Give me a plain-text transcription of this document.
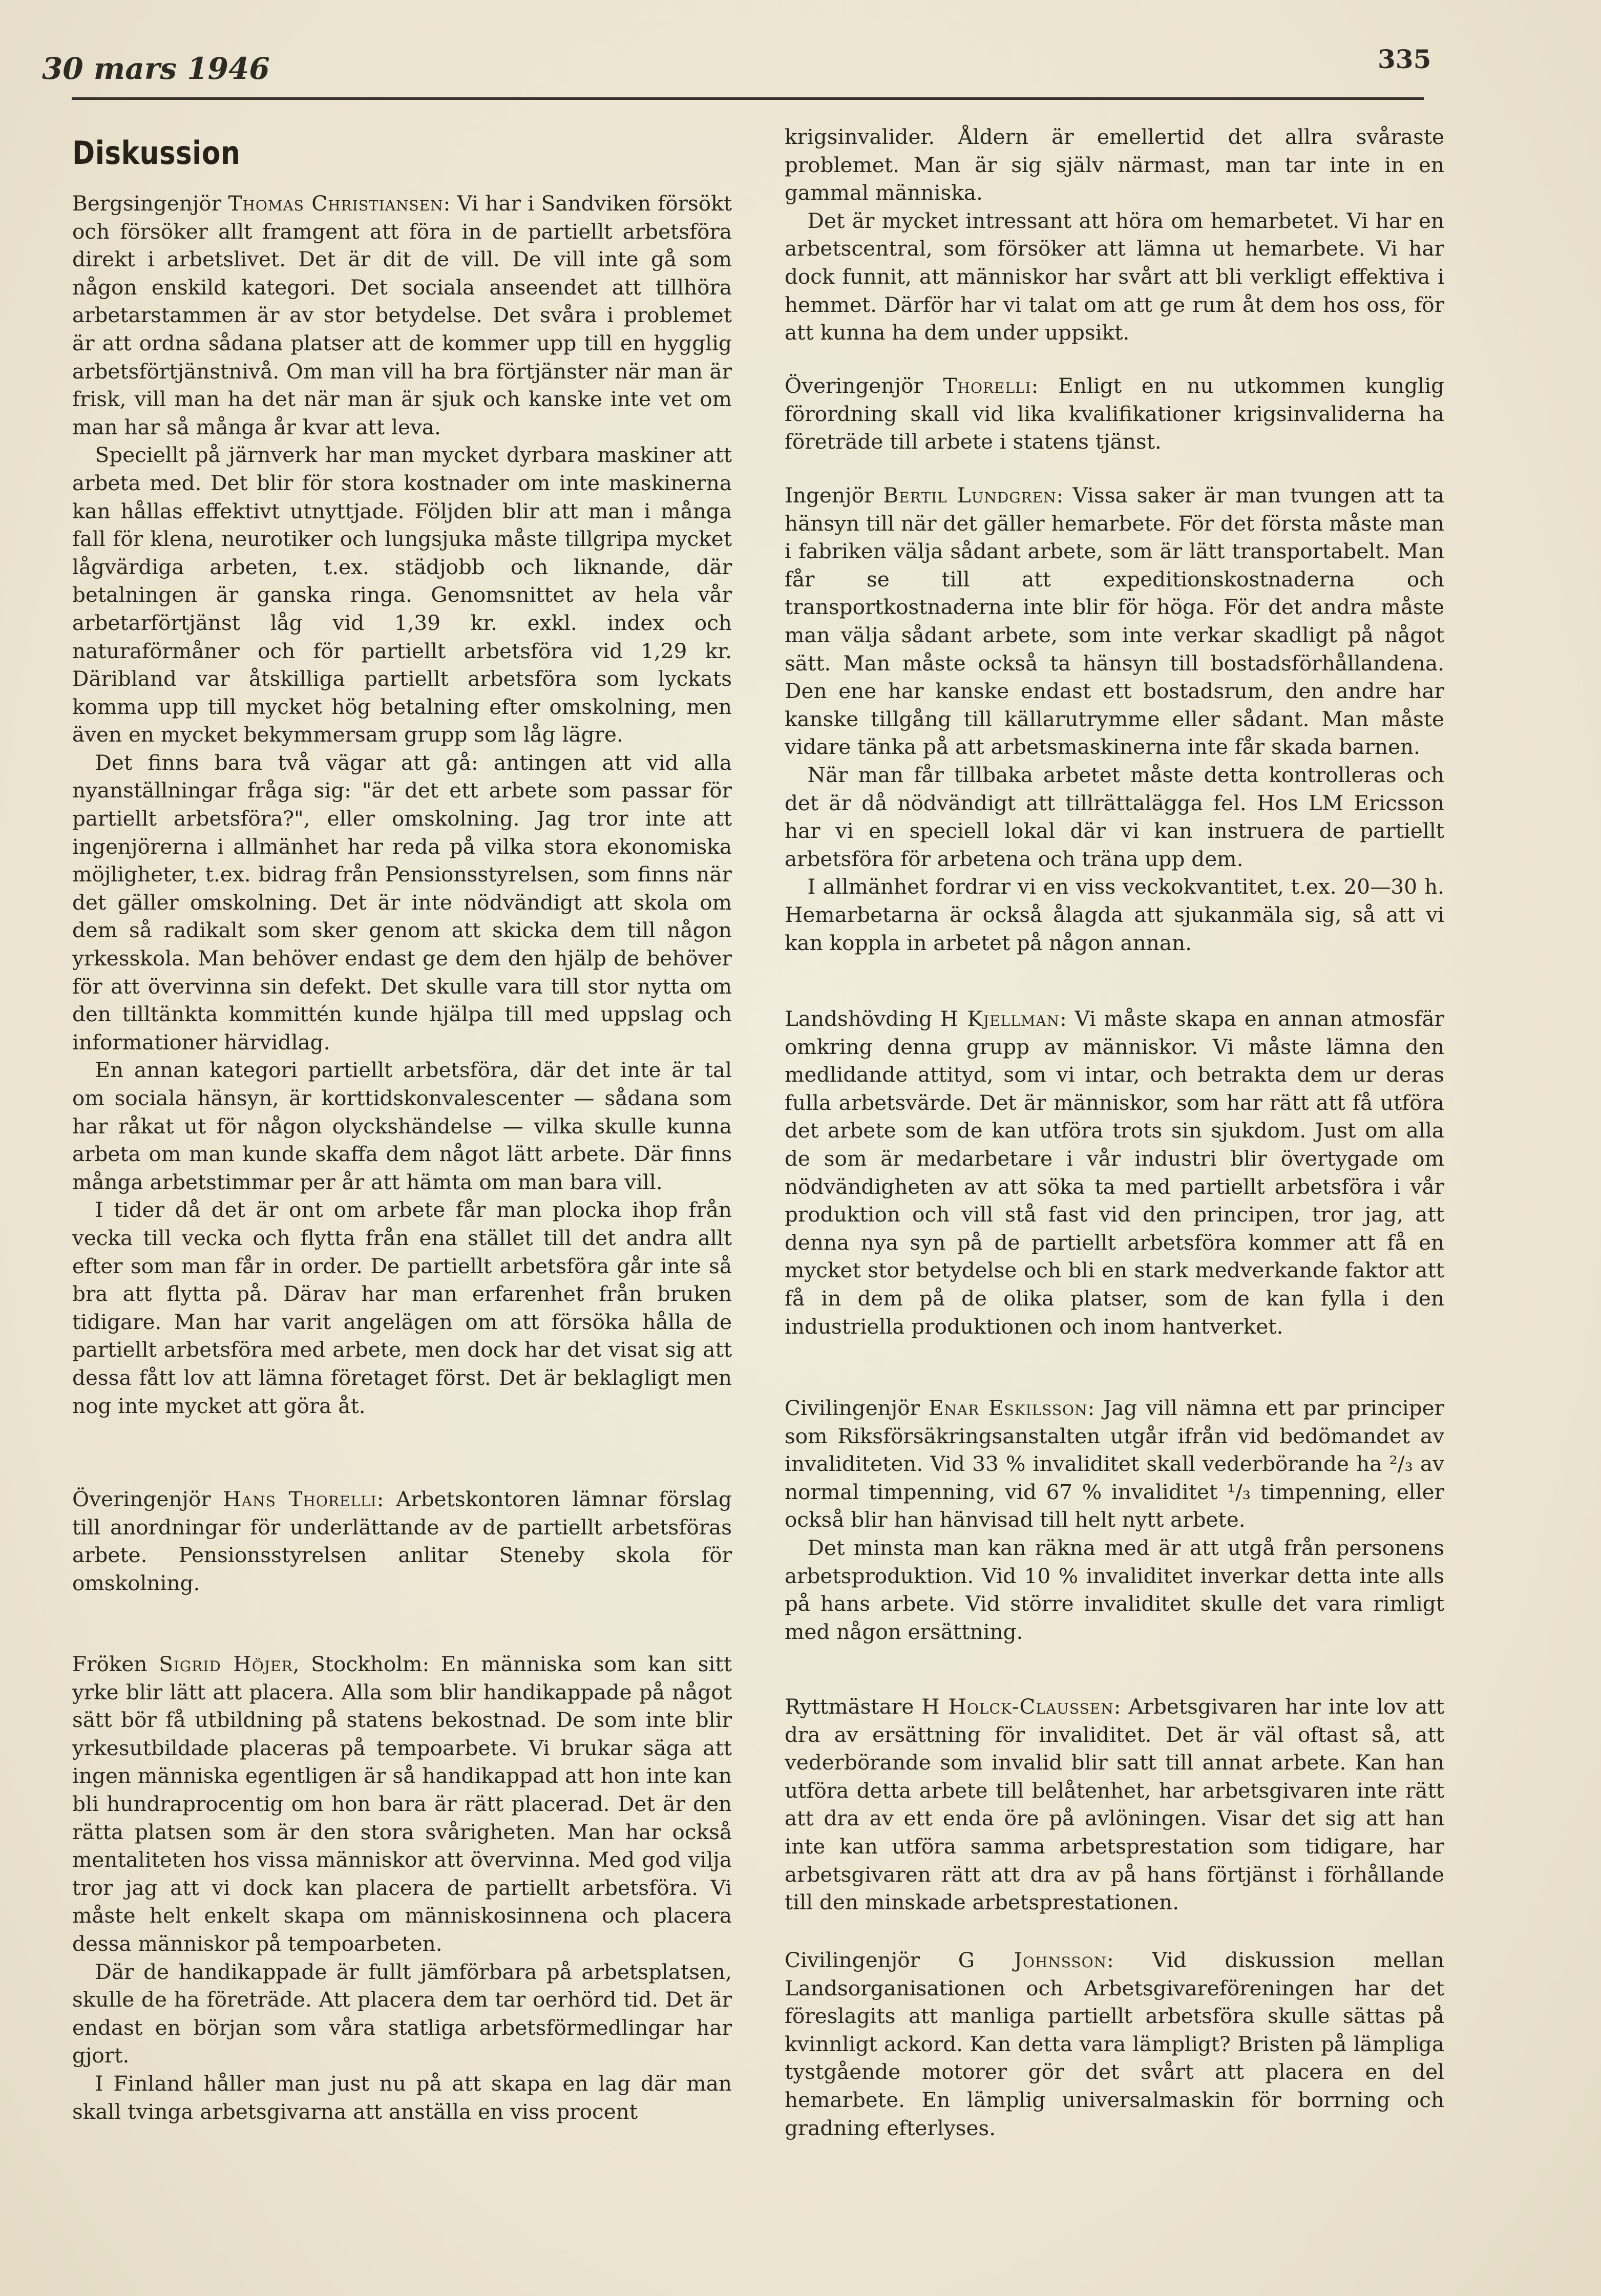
30 mars 1946	335
Diskussion

Bergsingenjör Thomas Christiansen: Vi har i Sandviken försökt och försöker allt framgent att föra in de partiellt arbetsföra direkt i arbetslivet. Det är dit de vill. De vill inte gå som någon enskild kategori. Det sociala anseendet att tillhöra arbetarstammen är av stor betydelse. Det svåra i problemet är att ordna sådana platser att de kommer upp till en hygglig arbetsförtjänstnivå. Om man vill ha bra förtjänster när man är frisk, vill man ha det när man är sjuk och kanske inte vet om man har så många år kvar att leva.

Speciellt på järnverk har man mycket dyrbara maskiner att arbeta med. Det blir för stora kostnader om inte maskinerna kan hållas effektivt utnyttjade. Följden blir att man i många fall för klena, neurotiker och lungsjuka måste tillgripa mycket lågvärdiga arbeten, t.ex. städjobb och liknande, där betalningen är ganska ringa. Genomsnittet av hela vår arbetarförtjänst låg vid 1,39 kr. exkl. index och naturaförmåner och för partiellt arbetsföra vid 1,29 kr. Däribland var åtskilliga partiellt arbetsföra som lyckats komma upp till mycket hög betalning efter omskolning, men även en mycket bekymmersam grupp som låg lägre.

Det finns bara två vägar att gå: antingen att vid alla nyanställningar fråga sig: "är det ett arbete som passar för partiellt arbetsföra?", eller omskolning. Jag tror inte att ingenjörerna i allmänhet har reda på vilka stora ekonomiska möjligheter, t.ex. bidrag från Pensionsstyrelsen, som finns när det gäller omskolning. Det är inte nödvändigt att skola om dem så radikalt som sker genom att skicka dem till någon yrkesskola. Man behöver endast ge dem den hjälp de behöver för att övervinna sin defekt. Det skulle vara till stor nytta om den tilltänkta kommittén kunde hjälpa till med uppslag och informationer härvidlag.

En annan kategori partiellt arbetsföra, där det inte är tal om sociala hänsyn, är korttidskonvalescenter — sådana som har råkat ut för någon olyckshändelse — vilka skulle kunna arbeta om man kunde skaffa dem något lätt arbete. Där finns många arbetstimmar per år att hämta om man bara vill.

I tider då det är ont om arbete får man plocka ihop från vecka till vecka och flytta från ena stället till det andra allt efter som man får in order. De partiellt arbetsföra går inte så bra att flytta på. Därav har man erfarenhet från bruken tidigare. Man har varit angelägen om att försöka hålla de partiellt arbetsföra med arbete, men dock har det visat sig att dessa fått lov att lämna företaget först. Det är beklagligt men nog inte mycket att göra åt.

Överingenjör Hans Thorelli: Arbetskontoren lämnar förslag till anordningar för underlättande av de partiellt arbetsföras arbete. Pensionsstyrelsen anlitar Steneby skola för omskolning.

Fröken Sigrid Höjer, Stockholm: En människa som kan sitt yrke blir lätt att placera. Alla som blir handikappade på något sätt bör få utbildning på statens bekostnad. De som inte blir yrkesutbildade placeras på tempoarbete. Vi brukar säga att ingen människa egentligen är så handikappad att hon inte kan bli hundraprocentig om hon bara är rätt placerad. Det är den rätta platsen som är den stora svårigheten. Man har också mentaliteten hos vissa människor att övervinna. Med god vilja tror jag att vi dock kan placera de partiellt arbetsföra. Vi måste helt enkelt skapa om människosinnena och placera dessa människor på tempoarbeten.

Där de handikappade är fullt jämförbara på arbetsplatsen, skulle de ha företräde. Att placera dem tar oerhörd tid. Det är endast en början som våra statliga arbetsförmedlingar har gjort.

I Finland håller man just nu på att skapa en lag där man skall tvinga arbetsgivarna att anställa en viss procent

krigsinvalider. Åldern är emellertid det allra svåraste problemet. Man är sig själv närmast, man tar inte in en gammal människa.

Det är mycket intressant att höra om hemarbetet. Vi har en arbetscentral, som försöker att lämna ut hemarbete. Vi har dock funnit, att människor har svårt att bli verkligt effektiva i hemmet. Därför har vi talat om att ge rum åt dem hos oss, för att kunna ha dem under uppsikt.

Överingenjör Thorelli: Enligt en nu utkommen kunglig förordning skall vid lika kvalifikationer krigsinvaliderna ha företräde till arbete i statens tjänst.

Ingenjör Bertil Lundgren: Vissa saker är man tvungen att ta hänsyn till när det gäller hemarbete. För det första måste man i fabriken välja sådant arbete, som är lätt transportabelt. Man får se till att expeditionskostnaderna och transportkostnaderna inte blir för höga. För det andra måste man välja sådant arbete, som inte verkar skadligt på något sätt. Man måste också ta hänsyn till bostadsförhållandena. Den ene har kanske endast ett bostadsrum, den andre har kanske tillgång till källarutrymme eller sådant. Man måste vidare tänka på att arbetsmaskinerna inte får skada barnen.

När man får tillbaka arbetet måste detta kontrolleras och det är då nödvändigt att tillrättalägga fel. Hos LM Ericsson har vi en speciell lokal där vi kan instruera de partiellt arbetsföra för arbetena och träna upp dem.

I allmänhet fordrar vi en viss veckokvantitet, t.ex. 20—30 h. Hemarbetarna är också ålagda att sjukanmäla sig, så att vi kan koppla in arbetet på någon annan.

Landshövding H Kjellman: Vi måste skapa en annan atmosfär omkring denna grupp av människor. Vi måste lämna den medlidande attityd, som vi intar, och betrakta dem ur deras fulla arbetsvärde. Det är människor, som har rätt att få utföra det arbete som de kan utföra trots sin sjukdom. Just om alla de som är medarbetare i vår industri blir övertygade om nödvändigheten av att söka ta med partiellt arbetsföra i vår produktion och vill stå fast vid den principen, tror jag, att denna nya syn på de partiellt arbetsföra kommer att få en mycket stor betydelse och bli en stark medverkande faktor att få in dem på de olika platser, som de kan fylla i den industriella produktionen och inom hantverket.

Civilingenjör Enar Eskilsson: Jag vill nämna ett par principer som Riksförsäkringsanstalten utgår ifrån vid bedömandet av invaliditeten. Vid 33 % invaliditet skall vederbörande ha ²/₃ av normal timpenning, vid 67 % invaliditet ¹/₃ timpenning, eller också blir han hänvisad till helt nytt arbete.

Det minsta man kan räkna med är att utgå från personens arbetsproduktion. Vid 10 % invaliditet inverkar detta inte alls på hans arbete. Vid större invaliditet skulle det vara rimligt med någon ersättning.

Ryttmästare H Holck-Claussen: Arbetsgivaren har inte lov att dra av ersättning för invaliditet. Det är väl oftast så, att vederbörande som invalid blir satt till annat arbete. Kan han utföra detta arbete till belåtenhet, har arbetsgivaren inte rätt att dra av ett enda öre på avlöningen. Visar det sig att han inte kan utföra samma arbetsprestation som tidigare, har arbetsgivaren rätt att dra av på hans förtjänst i förhållande till den minskade arbetsprestationen.

Civilingenjör G Johnsson: Vid diskussion mellan Landsorganisationen och Arbetsgivareföreningen har det föreslagits att manliga partiellt arbetsföra skulle sättas på kvinnligt ackord. Kan detta vara lämpligt? Bristen på lämpliga tystgående motorer gör det svårt att placera en del hemarbete. En lämplig universalmaskin för borrning och gradning efterlyses.
